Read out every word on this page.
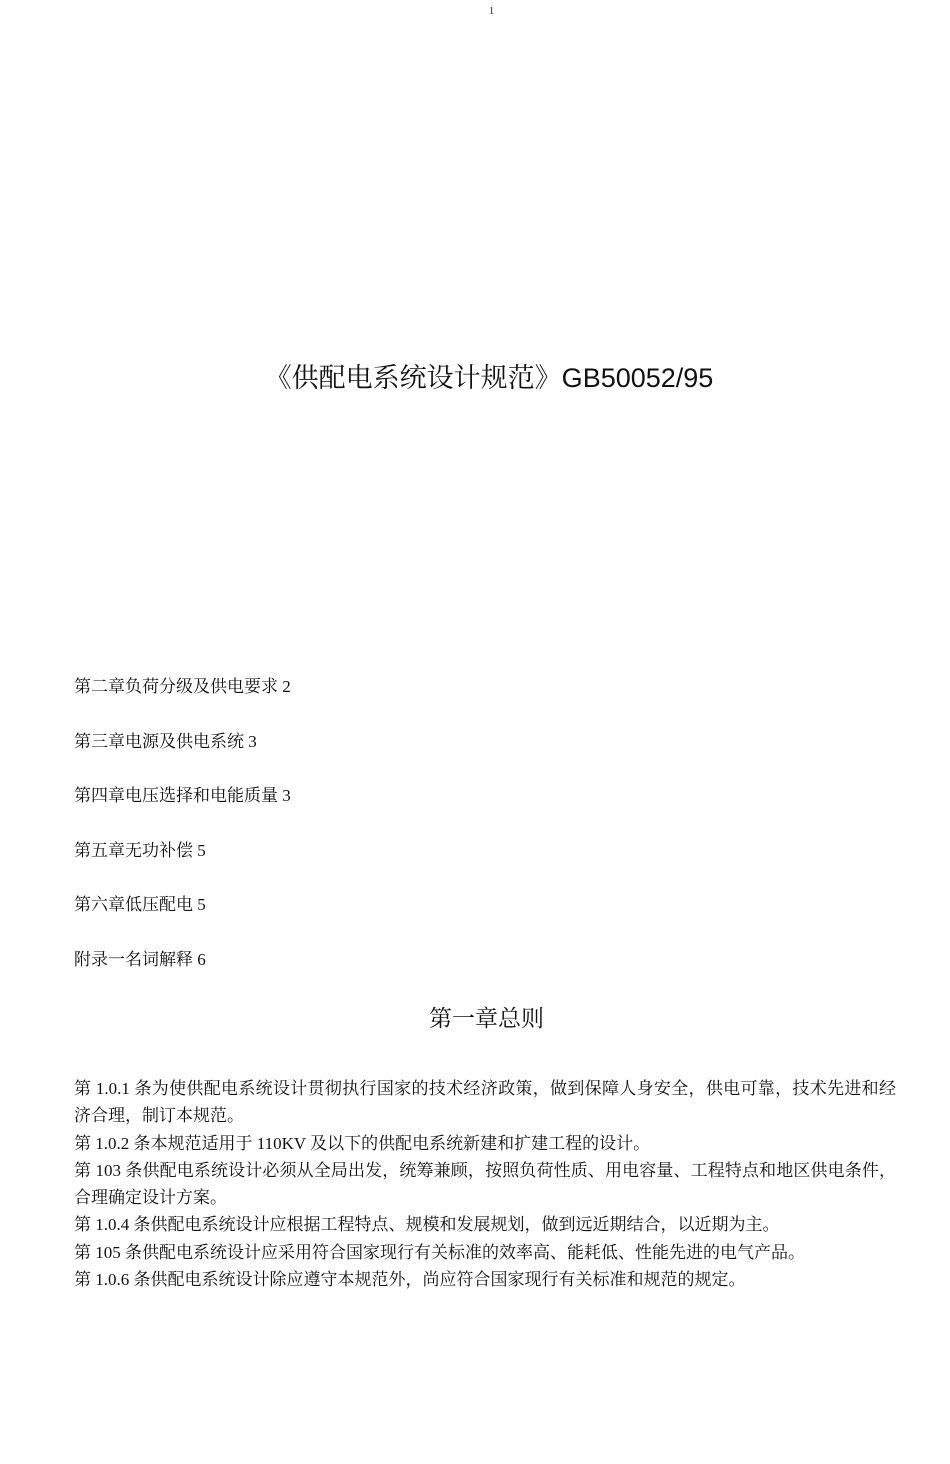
1
《供配电系统设计规范》GB50052/95
第二章负荷分级及供电要求 2
第三章电源及供电系统 3
第四章电压选择和电能质量 3
第五章无功补偿 5
第六章低压配电 5
附录一名词解释 6
第一章总则

第 1.0.1 条为使供配电系统设计贯彻执行国家的技术经济政策，做到保障人身安全，供电可靠，技术先进和经济合理，制订本规范。

第 1.0.2 条本规范适用于 110KV 及以下的供配电系统新建和扩建工程的设计。

第 103 条供配电系统设计必须从全局出发，统筹兼顾，按照负荷性质、用电容量、工程特点和地区供电条件，合理确定设计方案。

第 1.0.4 条供配电系统设计应根据工程特点、规模和发展规划，做到远近期结合，以近期为主。

第 105 条供配电系统设计应采用符合国家现行有关标准的效率高、能耗低、性能先进的电气产品。

第 1.0.6 条供配电系统设计除应遵守本规范外，尚应符合国家现行有关标准和规范的规定。
